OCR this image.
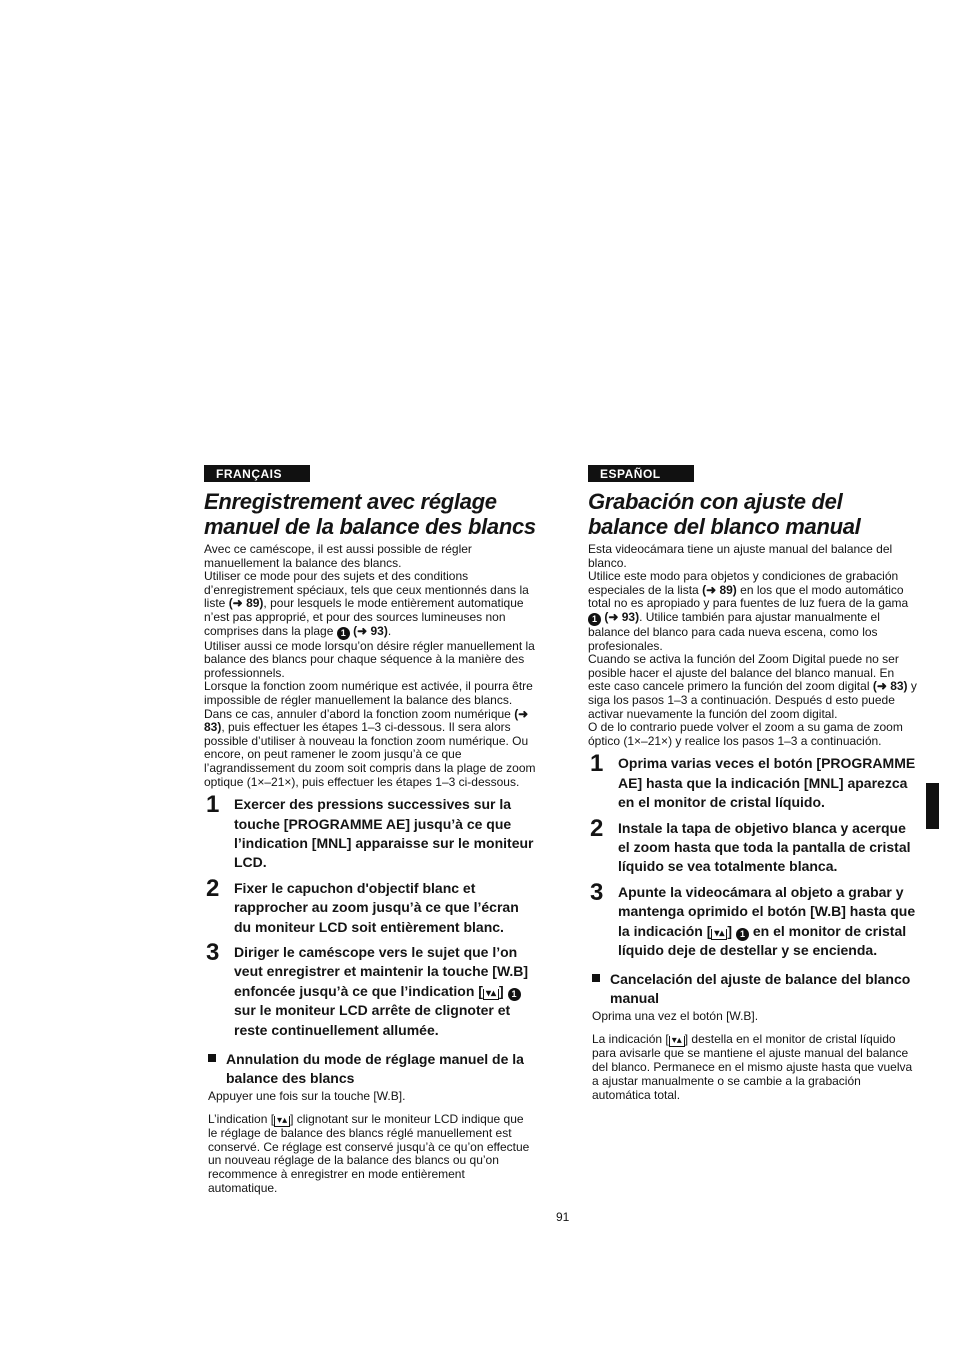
FRANÇAIS
Enregistrement avec réglage manuel de la balance des blancs

Avec ce caméscope, il est aussi possible de régler manuellement la balance des blancs.

Utiliser ce mode pour des sujets et des conditions d’enregistrement spéciaux, tels que ceux mentionnés dans la liste (➜ 89), pour lesquels le mode entièrement automatique n’est pas approprié, et pour des sources lumineuses non comprises dans la plage 1 (➜ 93).

Utiliser aussi ce mode lorsqu’on désire régler manuellement la balance des blancs pour chaque séquence à la manière des professionnels.

Lorsque la fonction zoom numérique est activée, il pourra être impossible de régler manuellement la balance des blancs. Dans ce cas, annuler d’abord la fonction zoom numérique (➜ 83), puis effectuer les étapes 1–3 ci-dessous. Il sera alors possible d’utiliser à nouveau la fonction zoom numérique. Ou encore, on peut ramener le zoom jusqu’à ce que l’agrandissement du zoom soit compris dans la plage de zoom optique (1×–21×), puis effectuer les étapes 1–3 ci-dessous.

1 Exercer des pressions successives sur la touche [PROGRAMME AE] jusqu’à ce que l’indication [MNL] apparaisse sur le moniteur LCD.
2 Fixer le capuchon d'objectif blanc et rapprocher au zoom jusqu’à ce que l’écran du moniteur LCD soit entièrement blanc.
3 Diriger le caméscope vers le sujet que l’on veut enregistrer et maintenir la touche [W.B] enfoncée jusqu’à ce que l’indication [ ▾▴ ] 1 sur le moniteur LCD arrête de clignoter et reste continuellement allumée.
Annulation du mode de réglage manuel de la balance des blancs

Appuyer une fois sur la touche [W.B].

L’indication [ ▾▴ ] clignotant sur le moniteur LCD indique que le réglage de balance des blancs réglé manuellement est conservé. Ce réglage est conservé jusqu’à ce qu’on effectue un nouveau réglage de la balance des blancs ou qu’on recommence à enregistrer en mode entièrement automatique.

ESPAÑOL
Grabación con ajuste del balance del blanco manual

Esta videocámara tiene un ajuste manual del balance del blanco.

Utilice este modo para objetos y condiciones de grabación especiales de la lista (➜ 89) en los que el modo automático total no es apropiado y para fuentes de luz fuera de la gama 1 (➜ 93). Utilice también para ajustar manualmente el balance del blanco para cada nueva escena, como los profesionales.

Cuando se activa la función del Zoom Digital puede no ser posible hacer el ajuste del balance del blanco manual. En este caso cancele primero la función del zoom digital (➜ 83) y siga los pasos 1–3 a continuación. Después d esto puede activar nuevamente la función del zoom digital.

O de lo contrario puede volver el zoom a su gama de zoom óptico (1×–21×) y realice los pasos 1–3 a continuación.

1 Oprima varias veces el botón [PROGRAMME AE] hasta que la indicación [MNL] aparezca en el monitor de cristal líquido.
2 Instale la tapa de objetivo blanca y acerque el zoom hasta que toda la pantalla de cristal líquido se vea totalmente blanca.
3 Apunte la videocámara al objeto a grabar y mantenga oprimido el botón [W.B] hasta que la indicación [ ▾▴ ] 1 en el monitor de cristal líquido deje de destellar y se encienda.
Cancelación del ajuste de balance del blanco manual

Oprima una vez el botón [W.B].

La indicación [ ▾▴ ] destella en el monitor de cristal líquido para avisarle que se mantiene el ajuste manual del balance del blanco. Permanece en el mismo ajuste hasta que vuelva a ajustar manualmente o se cambie a la grabación automática total.

91
